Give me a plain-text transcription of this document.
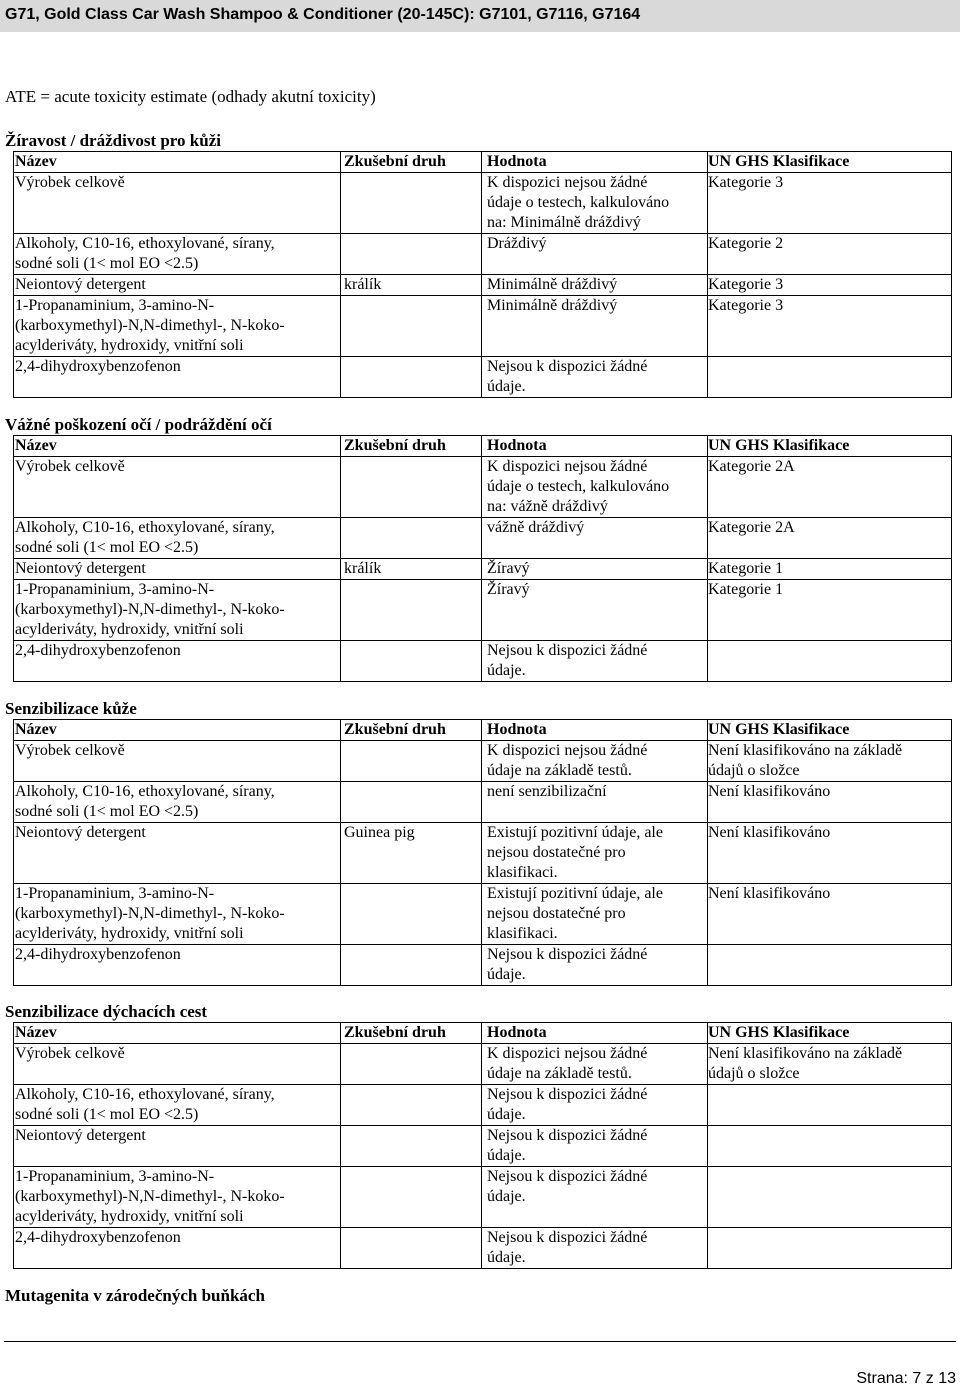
G71, Gold Class Car Wash Shampoo & Conditioner (20-145C): G7101, G7116, G7164
ATE = acute toxicity estimate (odhady akutní toxicity)
Žíravost / dráždivost pro kůži
Název	Zkušební druh	Hodnota	UN GHS Klasifikace

Výrobek celkově		K dispozici nejsou žádné
údaje o testech, kalkulováno
na: Minimálně dráždivý	Kategorie 3

Alkoholy, C10-16, ethoxylované, sírany,
sodné soli (1< mol EO <2.5)		Dráždivý	Kategorie 2

Neiontový detergent	králík	Minimálně dráždivý	Kategorie 3

1-Propanaminium, 3-amino-N-
(karboxymethyl)-N,N-dimethyl-, N-koko-
acylderiváty, hydroxidy, vnitřní soli		Minimálně dráždivý	Kategorie 3

2,4-dihydroxybenzofenon		Nejsou k dispozici žádné
údaje.	

Vážné poškození očí / podráždění očí
Název	Zkušební druh	Hodnota	UN GHS Klasifikace

Výrobek celkově		K dispozici nejsou žádné
údaje o testech, kalkulováno
na: vážně dráždivý	Kategorie 2A

Alkoholy, C10-16, ethoxylované, sírany,
sodné soli (1< mol EO <2.5)		vážně dráždivý	Kategorie 2A

Neiontový detergent	králík	Žíravý	Kategorie 1

1-Propanaminium, 3-amino-N-
(karboxymethyl)-N,N-dimethyl-, N-koko-
acylderiváty, hydroxidy, vnitřní soli		Žíravý	Kategorie 1

2,4-dihydroxybenzofenon		Nejsou k dispozici žádné
údaje.	

Senzibilizace kůže
Název	Zkušební druh	Hodnota	UN GHS Klasifikace

Výrobek celkově		K dispozici nejsou žádné
údaje na základě testů.	Není klasifikováno na základě
údajů o složce

Alkoholy, C10-16, ethoxylované, sírany,
sodné soli (1< mol EO <2.5)		není senzibilizační	Není klasifikováno

Neiontový detergent	Guinea pig	Existují pozitivní údaje, ale
nejsou dostatečné pro
klasifikaci.	Není klasifikováno

1-Propanaminium, 3-amino-N-
(karboxymethyl)-N,N-dimethyl-, N-koko-
acylderiváty, hydroxidy, vnitřní soli		Existují pozitivní údaje, ale
nejsou dostatečné pro
klasifikaci.	Není klasifikováno

2,4-dihydroxybenzofenon		Nejsou k dispozici žádné
údaje.	

Senzibilizace dýchacích cest
Název	Zkušební druh	Hodnota	UN GHS Klasifikace

Výrobek celkově		K dispozici nejsou žádné
údaje na základě testů.	Není klasifikováno na základě
údajů o složce

Alkoholy, C10-16, ethoxylované, sírany,
sodné soli (1< mol EO <2.5)		Nejsou k dispozici žádné
údaje.	

Neiontový detergent		Nejsou k dispozici žádné
údaje.	

1-Propanaminium, 3-amino-N-
(karboxymethyl)-N,N-dimethyl-, N-koko-
acylderiváty, hydroxidy, vnitřní soli		Nejsou k dispozici žádné
údaje.	

2,4-dihydroxybenzofenon		Nejsou k dispozici žádné
údaje.	

Mutagenita v zárodečných buňkách
Strana: 7 z 13
